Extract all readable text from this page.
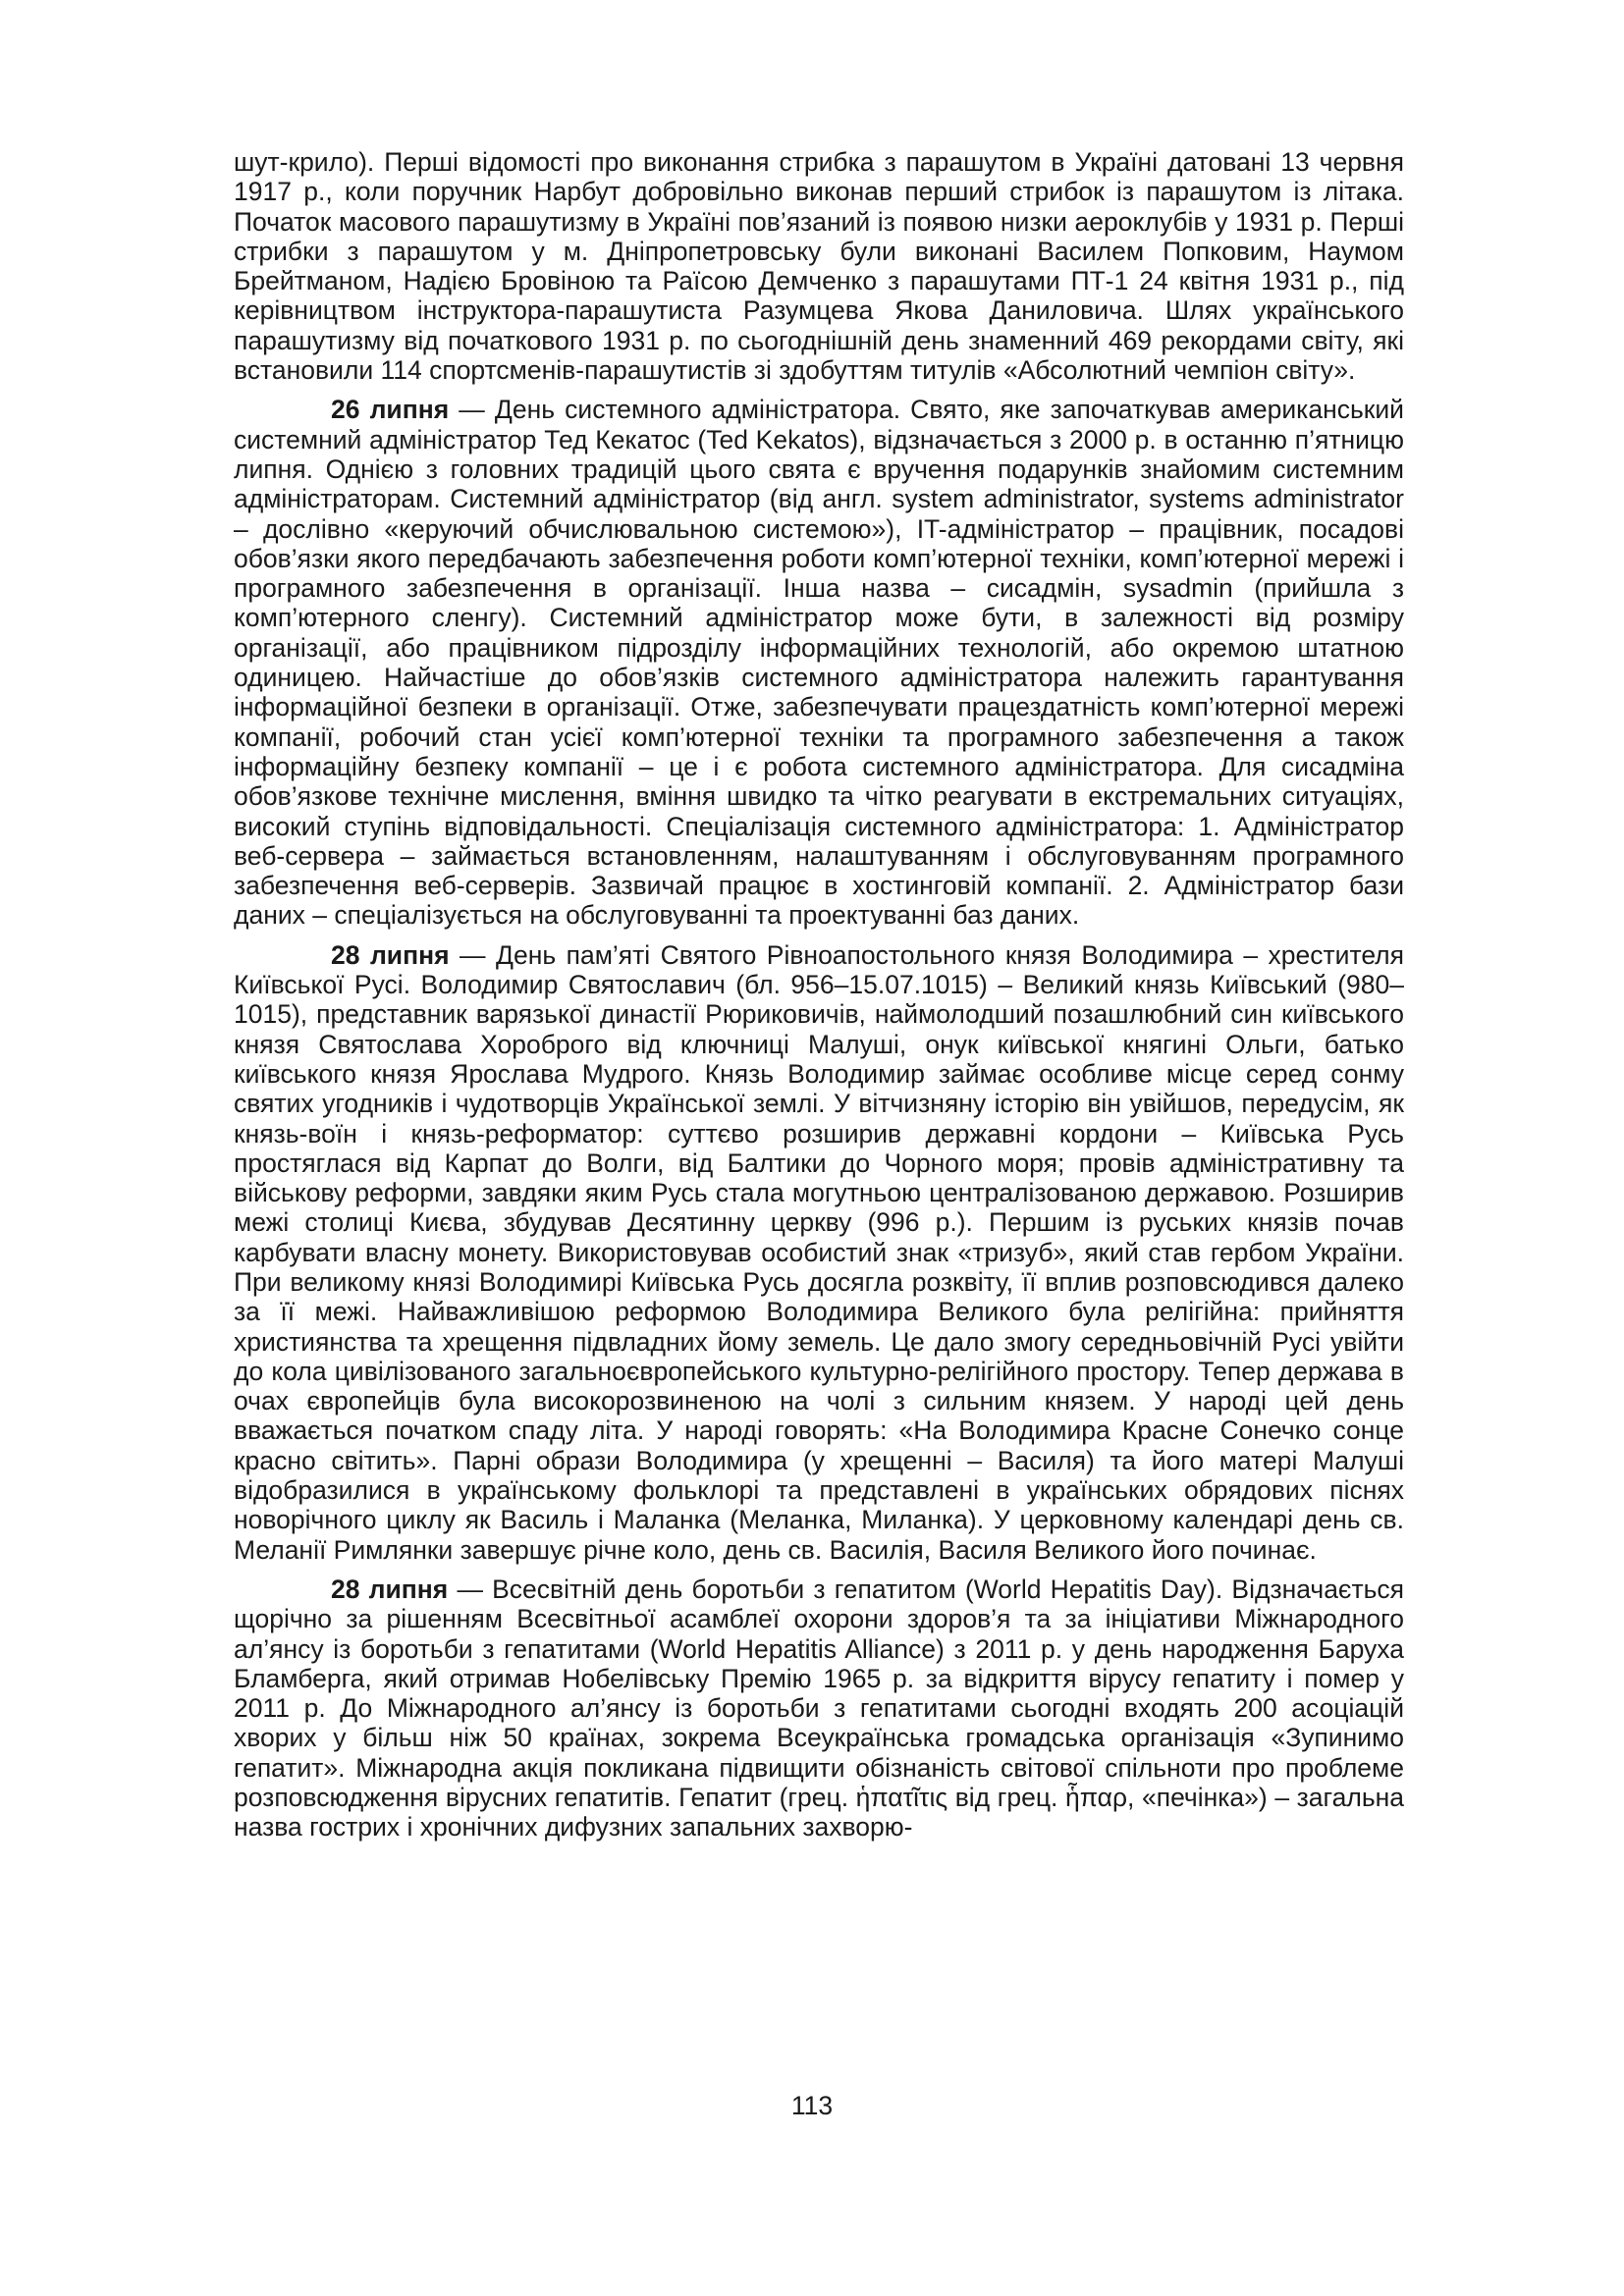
шут-крило). Перші відомості про виконання стрибка з парашутом в Україні датовані 13 червня 1917 р., коли поручник Нарбут добровільно виконав перший стрибок із парашутом із літака. Початок масового парашутизму в Україні пов’язаний із появою низки аероклубів у 1931 р. Перші стрибки з парашутом у м. Дніпропетровську були виконані Василем Попковим, Наумом Брейтманом, Надією Бровіною та Раїсою Демченко з парашутами ПТ-1 24 квітня 1931 р., під керівництвом інструктора-парашутиста Разумцева Якова Даниловича. Шлях українського парашутизму від початкового 1931 р. по сьогоднішній день знаменний 469 рекордами світу, які встановили 114 спортсменів-парашутистів зі здобуттям титулів «Абсолютний чемпіон світу».

26 липня — День системного адміністратора. Свято, яке започаткував американський системний адміністратор Тед Кекатос (Ted Kekatos), відзначається з 2000 р. в останню п’ятницю липня. Однією з головних традицій цього свята є вручення подарунків знайомим системним адміністраторам. Системний адміністратор (від англ. system administrator, systems administrator – дослівно «керуючий обчислювальною системою»), IT-адміністратор – працівник, посадові обов’язки якого передбачають забезпечення роботи комп’ютерної техніки, комп’ютерної мережі і програмного забезпечення в організації. Інша назва – сисадмін, sysadmin (прийшла з комп’ютерного сленгу). Системний адміністратор може бути, в залежності від розміру організації, або працівником підрозділу інформаційних технологій, або окремою штатною одиницею. Найчастіше до обов’язків системного адміністратора належить гарантування інформаційної безпеки в організації. Отже, забезпечувати працездатність комп’ютерної мережі компанії, робочий стан усієї комп’ютерної техніки та програмного забезпечення а також інформаційну безпеку компанії – це і є робота системного адміністратора. Для сисадміна обов’язкове технічне мислення, вміння швидко та чітко реагувати в екстремальних ситуаціях, високий ступінь відповідальності. Спеціалізація системного адміністратора: 1. Адміністратор веб-сервера – займається встановленням, налаштуванням і обслуговуванням програмного забезпечення веб-серверів. Зазвичай працює в хостинговій компанії. 2. Адміністратор бази даних – спеціалізується на обслуговуванні та проектуванні баз даних.

28 липня — День пам’яті Святого Рівноапостольного князя Володимира – хрестителя Київської Русі. Володимир Святославич (бл. 956–15.07.1015) – Великий князь Київський (980–1015), представник варязької династії Рюриковичів, наймолодший позашлюбний син київського князя Святослава Хороброго від ключниці Малуші, онук київської княгині Ольги, батько київського князя Ярослава Мудрого. Князь Володимир займає особливе місце серед сонму святих угодників і чудотворців Української землі. У вітчизняну історію він увійшов, передусім, як князь-воїн і князь-реформатор: суттєво розширив державні кордони – Київська Русь простяглася від Карпат до Волги, від Балтики до Чорного моря; провів адміністративну та військову реформи, завдяки яким Русь стала могутньою централізованою державою. Розширив межі столиці Києва, збудував Десятинну церкву (996 р.). Першим із руських князів почав карбувати власну монету. Використовував особистий знак «тризуб», який став гербом України. При великому князі Володимирі Київська Русь досягла розквіту, її вплив розповсюдився далеко за її межі. Найважливішою реформою Володимира Великого була релігійна: прийняття християнства та хрещення підвладних йому земель. Це дало змогу середньовічній Русі увійти до кола цивілізованого загальноєвропейського культурно-релігійного простору. Тепер держава в очах європейців була високорозвиненою на чолі з сильним князем. У народі цей день вважається початком спаду літа. У народі говорять: «На Володимира Красне Сонечко сонце красно світить». Парні образи Володимира (у хрещенні – Василя) та його матері Малуші відобразилися в українському фольклорі та представлені в українських обрядових піснях новорічного циклу як Василь і Маланка (Меланка, Миланка). У церковному календарі день св. Меланії Римлянки завершує річне коло, день св. Василія, Василя Великого його починає.

28 липня — Всесвітній день боротьби з гепатитом (World Hepatitis Day). Відзначається щорічно за рішенням Всесвітньої асамблеї охорони здоров’я та за ініціативи Міжнародного ал’янсу із боротьби з гепатитами (World Hepatitis Alliance) з 2011 р. у день народження Баруха Бламберга, який отримав Нобелівську Премію 1965 р. за відкриття вірусу гепатиту і помер у 2011 р. До Міжнародного ал’янсу із боротьби з гепатитами сьогодні входять 200 асоціацій хворих у більш ніж 50 країнах, зокрема Всеукраїнська громадська організація «Зупинимо гепатит». Міжнародна акція покликана підвищити обізнаність світової спільноти про проблеме розповсюдження вірусних гепатитів. Гепатит (грец. ἡπατῖτις від грец. ἧπαρ, «печінка») – загальна назва гострих і хронічних дифузних запальних захворю-

113
